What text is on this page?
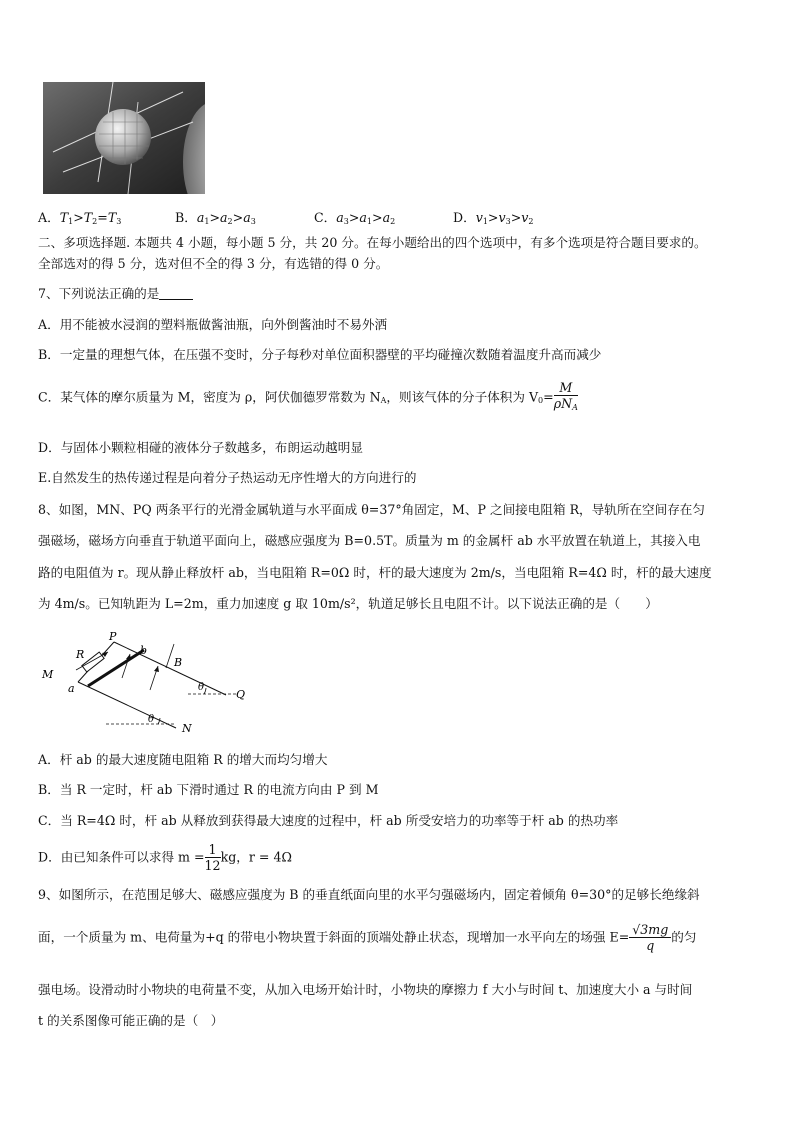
A．$T_1>T_2=T_3$	B．$a_1>a_2>a_3$	C．$a_3>a_1>a_2$	D．$v_1>v_3>v_2$
二、多项选择题. 本题共 4 小题，每小题 5 分，共 20 分。在每小题给出的四个选项中，有多个选项是符合题目要求的。
全部选对的得 5 分，选对但不全的得 3 分，有选错的得 0 分。
7、下列说法正确的是
A．用不能被水浸润的塑料瓶做酱油瓶，向外倒酱油时不易外洒
B．一定量的理想气体，在压强不变时，分子每秒对单位面积器壁的平均碰撞次数随着温度升高而减少
C．某气体的摩尔质量为 M，密度为 ρ，阿伏伽德罗常数为 $N_A$，则该气体的分子体积为 $V_0= \frac{M}{\rho N_A}$
D．与固体小颗粒相碰的液体分子数越多，布朗运动越明显
E.自然发生的热传递过程是向着分子热运动无序性增大的方向进行的
8、如图，MN、PQ 两条平行的光滑金属轨道与水平面成 θ=37°角固定，M、P 之间接电阻箱 R，导轨所在空间存在匀
强磁场，磁场方向垂直于轨道平面向上，磁感应强度为 B=0.5T。质量为 m 的金属杆 ab 水平放置在轨道上，其接入电
路的电阻值为 r。现从静止释放杆 ab，当电阻箱 R=0Ω 时，杆的最大速度为 2m/s，当电阻箱 R=4Ω 时，杆的最大速度
为 4m/s。已知轨距为 L=2m，重力加速度 g 取 10m/s²，轨道足够长且电阻不计。以下说法正确的是（　　）
R
P
b
B
M
a	θ
Q
θ
N
A．杆 ab 的最大速度随电阻箱 R 的增大而均匀增大
B．当 R 一定时，杆 ab 下滑时通过 R 的电流方向由 P 到 M
C．当 R=4Ω 时，杆 ab 从释放到获得最大速度的过程中，杆 ab 所受安培力的功率等于杆 ab 的热功率
D．由已知条件可以求得 $m = \frac{1}{12}$ kg，r = 4Ω
9、如图所示，在范围足够大、磁感应强度为 B 的垂直纸面向里的水平匀强磁场内，固定着倾角 θ=30°的足够长绝缘斜
面，一个质量为 m、电荷量为+q 的带电小物块置于斜面的顶端处静止状态，现增加一水平向左的场强 $E= \frac{√3mg}{q}$ 的匀
强电场。设滑动时小物块的电荷量不变，从加入电场开始计时，小物块的摩擦力 f 大小与时间 t、加速度大小 a 与时间
t 的关系图像可能正确的是（　）
